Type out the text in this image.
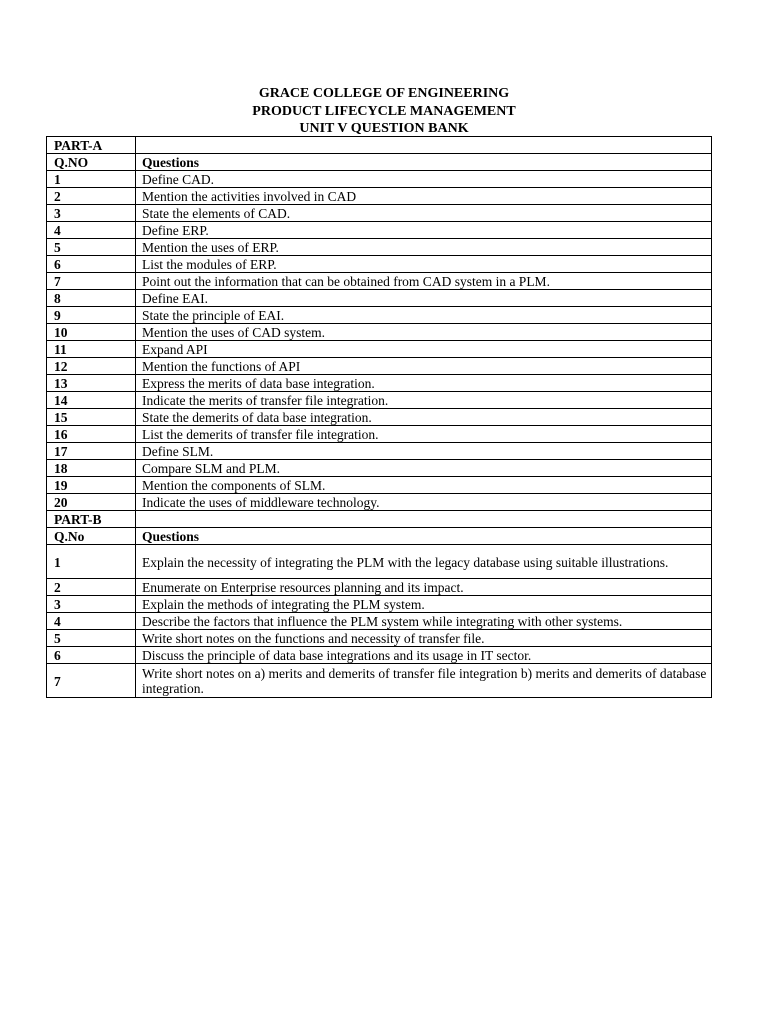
GRACE COLLEGE OF ENGINEERING
PRODUCT LIFECYCLE MANAGEMENT
UNIT V QUESTION BANK
PART-A	
Q.NO	Questions
1	Define CAD.
2	Mention the activities involved in CAD
3	State the elements of CAD.
4	Define ERP.
5	Mention the uses of ERP.
6	List the modules of ERP.
7	Point out the information that can be obtained from CAD system in a PLM.
8	Define EAI.
9	State the principle of EAI.
10	Mention the uses of CAD system.
11	Expand API
12	Mention the functions of API
13	Express the merits of data base integration.
14	Indicate the merits of transfer file integration.
15	State the demerits of data base integration.
16	List the demerits of transfer file integration.
17	Define SLM.
18	Compare SLM and PLM.
19	Mention the components of SLM.
20	Indicate the uses of middleware technology.
PART-B	
Q.No	Questions
1	Explain the necessity of integrating the PLM with the legacy database using suitable illustrations.
2	Enumerate on Enterprise resources planning and its impact.
3	Explain the methods of integrating the PLM system.
4	Describe the factors that influence the PLM system while integrating with other systems.
5	Write short notes on the functions and necessity of transfer file.
6	Discuss the principle of data base integrations and its usage in IT sector.
7	Write short notes on a) merits and demerits of transfer file integration b) merits and demerits of database integration.
